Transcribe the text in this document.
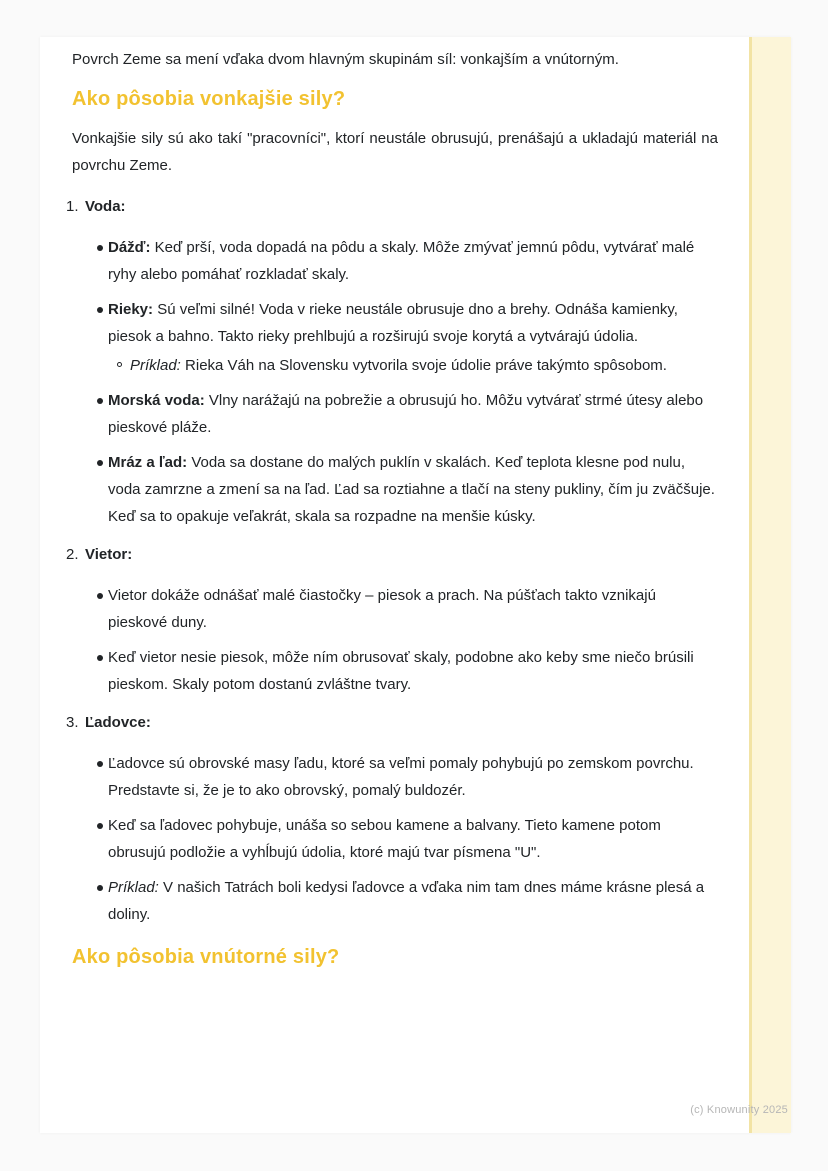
(c) Knowunity 2025

Povrch Zeme sa mení vďaka dvom hlavným skupinám síl: vonkajším a vnútorným.

Ako pôsobia vonkajšie sily?

Vonkajšie sily sú ako takí "pracovníci", ktorí neustále obrusujú, prenášajú a ukladajú materiál na povrchu Zeme.

1. Voda:

Dážď: Keď prší, voda dopadá na pôdu a skaly. Môže zmývať jemnú pôdu, vytvárať malé ryhy alebo pomáhať rozkladať skaly.

Rieky: Sú veľmi silné! Voda v rieke neustále obrusuje dno a brehy. Odnáša kamienky, piesok a bahno. Takto rieky prehlbujú a rozširujú svoje korytá a vytvárajú údolia.

Príklad: Rieka Váh na Slovensku vytvorila svoje údolie práve takýmto spôsobom.

Morská voda: Vlny narážajú na pobrežie a obrusujú ho. Môžu vytvárať strmé útesy alebo pieskové pláže.

Mráz a ľad: Voda sa dostane do malých puklín v skalách. Keď teplota klesne pod nulu, voda zamrzne a zmení sa na ľad. Ľad sa roztiahne a tlačí na steny pukliny, čím ju zväčšuje. Keď sa to opakuje veľakrát, skala sa rozpadne na menšie kúsky.

2. Vietor:

Vietor dokáže odnášať malé čiastočky – piesok a prach. Na púšťach takto vznikajú pieskové duny.

Keď vietor nesie piesok, môže ním obrusovať skaly, podobne ako keby sme niečo brúsili pieskom. Skaly potom dostanú zvláštne tvary.

3. Ľadovce:

Ľadovce sú obrovské masy ľadu, ktoré sa veľmi pomaly pohybujú po zemskom povrchu. Predstavte si, že je to ako obrovský, pomalý buldozér.

Keď sa ľadovec pohybuje, unáša so sebou kamene a balvany. Tieto kamene potom obrusujú podložie a vyhĺbujú údolia, ktoré majú tvar písmena "U".

Príklad: V našich Tatrách boli kedysi ľadovce a vďaka nim tam dnes máme krásne plesá a doliny.

Ako pôsobia vnútorné sily?
